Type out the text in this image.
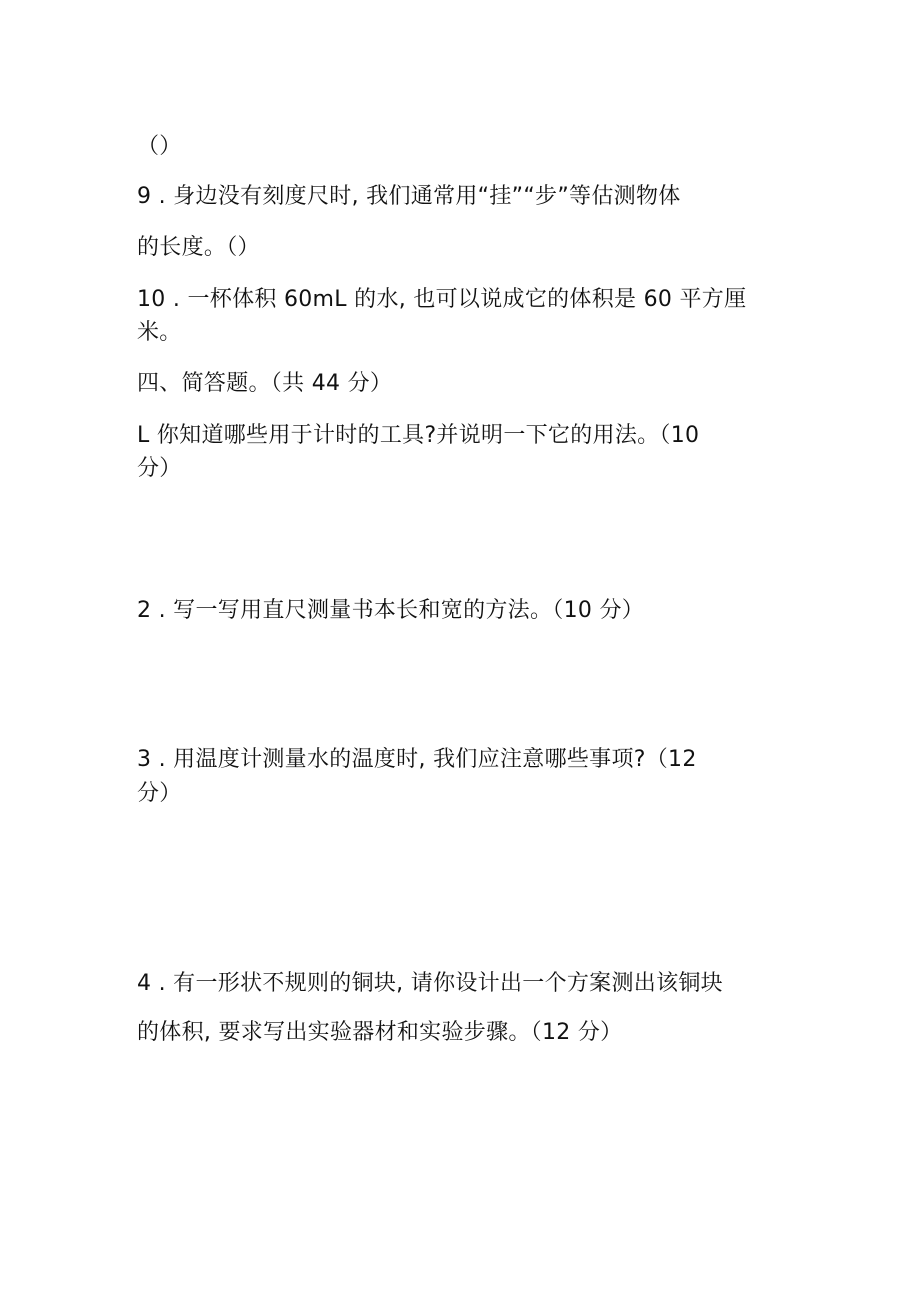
（）
9 . 身边没有刻度尺时, 我们通常用“挂”“步”等估测物体
的长度。（）
10 . 一杯体积 60mL 的水, 也可以说成它的体积是 60 平方厘
米。
四、简答题。（共 44 分）
L 你知道哪些用于计时的工具?并说明一下它的用法。（10
分）
2 . 写一写用直尺测量书本长和宽的方法。（10 分）
3 . 用温度计测量水的温度时, 我们应注意哪些事项?（12
分）
4 . 有一形状不规则的铜块, 请你设计出一个方案测出该铜块
的体积, 要求写出实验器材和实验步骤。（12 分）
